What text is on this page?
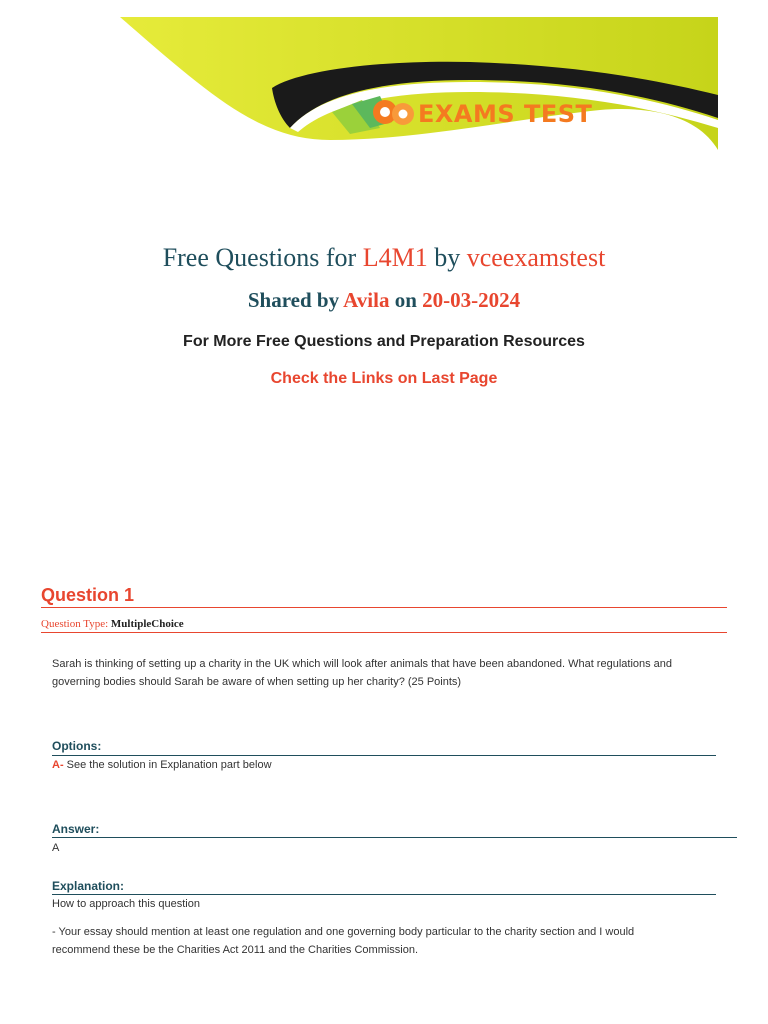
EXAMS TEST
Free Questions for L4M1 by vceexamstest
Shared by Avila on 20-03-2024
For More Free Questions and Preparation Resources
Check the Links on Last Page
Question 1
Question Type: MultipleChoice
Sarah is thinking of setting up a charity in the UK which will look after animals that have been abandoned. What regulations and governing bodies should Sarah be aware of when setting up her charity? (25 Points)
Options:
A- See the solution in Explanation part below
Answer:
A
Explanation:
How to approach this question
- Your essay should mention at least one regulation and one governing body particular to the charity section and I would recommend these be the Charities Act 2011 and the Charities Commission.
